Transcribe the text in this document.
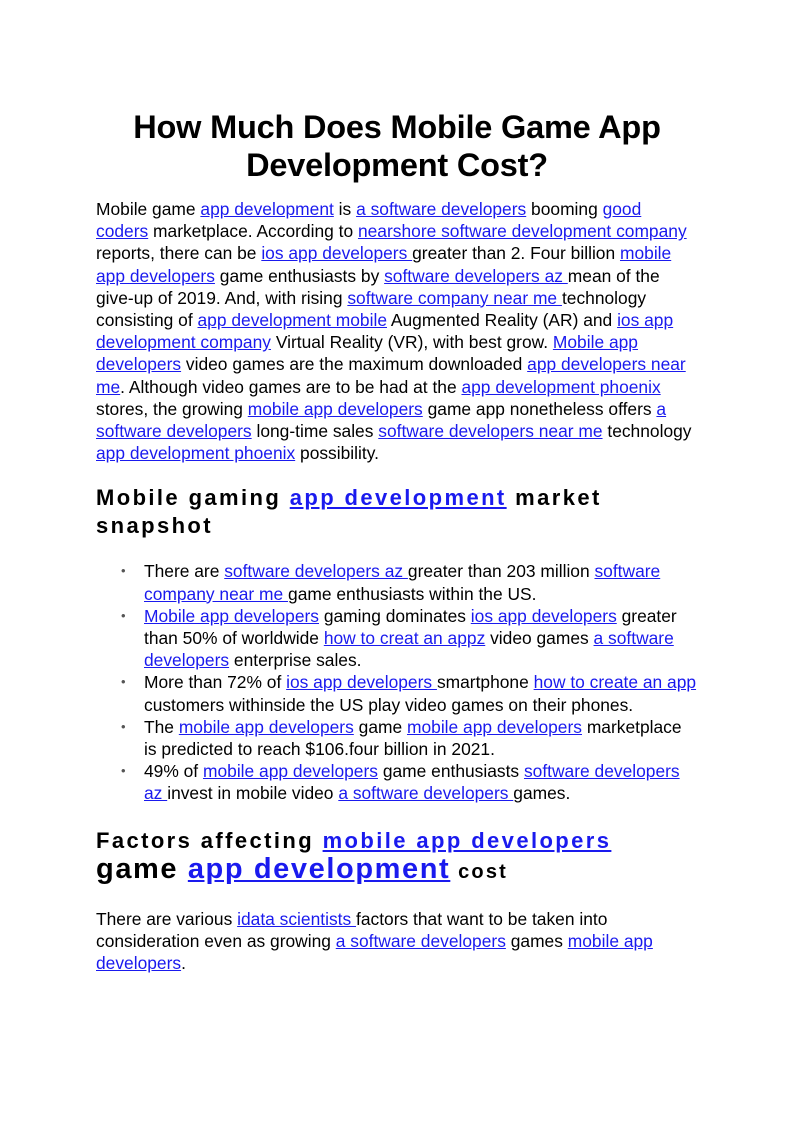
How Much Does Mobile Game App Development Cost?

Mobile game app development is a software developers booming good coders marketplace. According to nearshore software development company reports, there can be ios app developers greater than 2. Four billion mobile app developers game enthusiasts by software developers az mean of the give-up of 2019. And, with rising software company near me technology consisting of app development mobile Augmented Reality (AR) and ios app development company Virtual Reality (VR), with best grow. Mobile app developers video games are the maximum downloaded app developers near me. Although video games are to be had at the app development phoenix stores, the growing mobile app developers game app nonetheless offers a software developers long-time sales software developers near me technology app development phoenix possibility.

Mobile gaming app development market snapshot
• There are software developers az greater than 203 million software company near me game enthusiasts within the US.
• Mobile app developers gaming dominates ios app developers greater than 50% of worldwide how to creat an appz video games a software developers enterprise sales.
• More than 72% of ios app developers smartphone how to create an app customers withinside the US play video games on their phones.
• The mobile app developers game mobile app developers marketplace is predicted to reach $106.four billion in 2021.
• 49% of mobile app developers game enthusiasts software developers az invest in mobile video a software developers games.
Factors affecting mobile app developers
game app development cost

There are various idata scientists factors that want to be taken into consideration even as growing a software developers games mobile app developers.
